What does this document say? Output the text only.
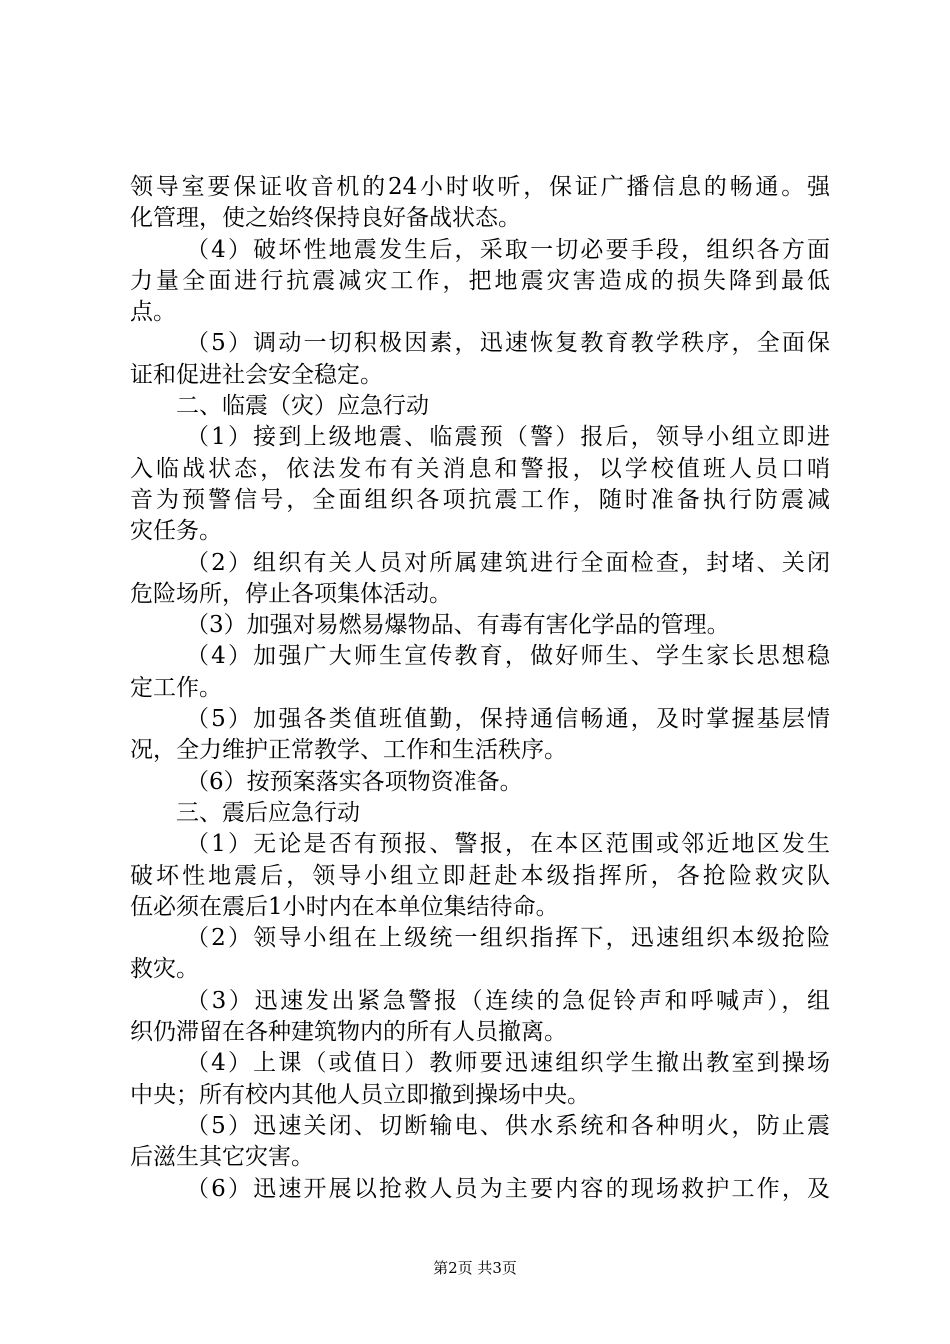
领导室要保证收音机的24小时收听，保证广播信息的畅通。强
化管理，使之始终保持良好备战状态。
（4）破坏性地震发生后，采取一切必要手段，组织各方面
力量全面进行抗震减灾工作，把地震灾害造成的损失降到最低
点。
（5）调动一切积极因素，迅速恢复教育教学秩序，全面保
证和促进社会安全稳定。
二、临震（灾）应急行动
（1）接到上级地震、临震预（警）报后，领导小组立即进
入临战状态，依法发布有关消息和警报，以学校值班人员口哨
音为预警信号，全面组织各项抗震工作，随时准备执行防震减
灾任务。
（2）组织有关人员对所属建筑进行全面检查，封堵、关闭
危险场所，停止各项集体活动。
（3）加强对易燃易爆物品、有毒有害化学品的管理。
（4）加强广大师生宣传教育，做好师生、学生家长思想稳
定工作。
（5）加强各类值班值勤，保持通信畅通，及时掌握基层情
况，全力维护正常教学、工作和生活秩序。
（6）按预案落实各项物资准备。
三、震后应急行动
（1）无论是否有预报、警报，在本区范围或邻近地区发生
破坏性地震后，领导小组立即赶赴本级指挥所，各抢险救灾队
伍必须在震后1小时内在本单位集结待命。
（2）领导小组在上级统一组织指挥下，迅速组织本级抢险
救灾。
（3）迅速发出紧急警报（连续的急促铃声和呼喊声），组
织仍滞留在各种建筑物内的所有人员撤离。
（4）上课（或值日）教师要迅速组织学生撤出教室到操场
中央；所有校内其他人员立即撤到操场中央。
（5）迅速关闭、切断输电、供水系统和各种明火，防止震
后滋生其它灾害。
（6）迅速开展以抢救人员为主要内容的现场救护工作，及
第2页 共3页
